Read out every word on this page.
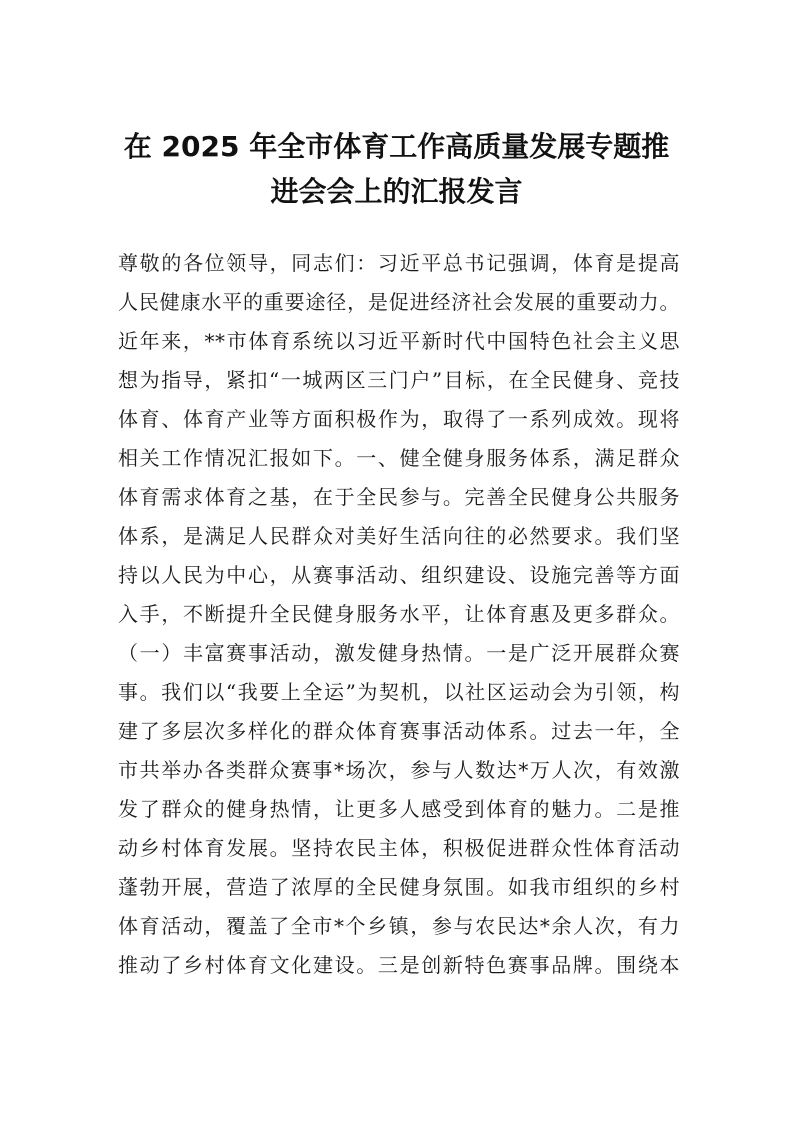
在 2025 年全市体育工作高质量发展专题推
进会会上的汇报发言
尊敬的各位领导，同志们：习近平总书记强调，体育是提高
人民健康水平的重要途径，是促进经济社会发展的重要动力。
近年来，**市体育系统以习近平新时代中国特色社会主义思
想为指导，紧扣“一城两区三门户”目标，在全民健身、竞技
体育、体育产业等方面积极作为，取得了一系列成效。现将
相关工作情况汇报如下。一、健全健身服务体系，满足群众
体育需求体育之基，在于全民参与。完善全民健身公共服务
体系，是满足人民群众对美好生活向往的必然要求。我们坚
持以人民为中心，从赛事活动、组织建设、设施完善等方面
入手，不断提升全民健身服务水平，让体育惠及更多群众。
（一）丰富赛事活动，激发健身热情。一是广泛开展群众赛
事。我们以“我要上全运”为契机，以社区运动会为引领，构
建了多层次多样化的群众体育赛事活动体系。过去一年，全
市共举办各类群众赛事*场次，参与人数达*万人次，有效激
发了群众的健身热情，让更多人感受到体育的魅力。二是推
动乡村体育发展。坚持农民主体，积极促进群众性体育活动
蓬勃开展，营造了浓厚的全民健身氛围。如我市组织的乡村
体育活动，覆盖了全市*个乡镇，参与农民达*余人次，有力
推动了乡村体育文化建设。三是创新特色赛事品牌。围绕本
